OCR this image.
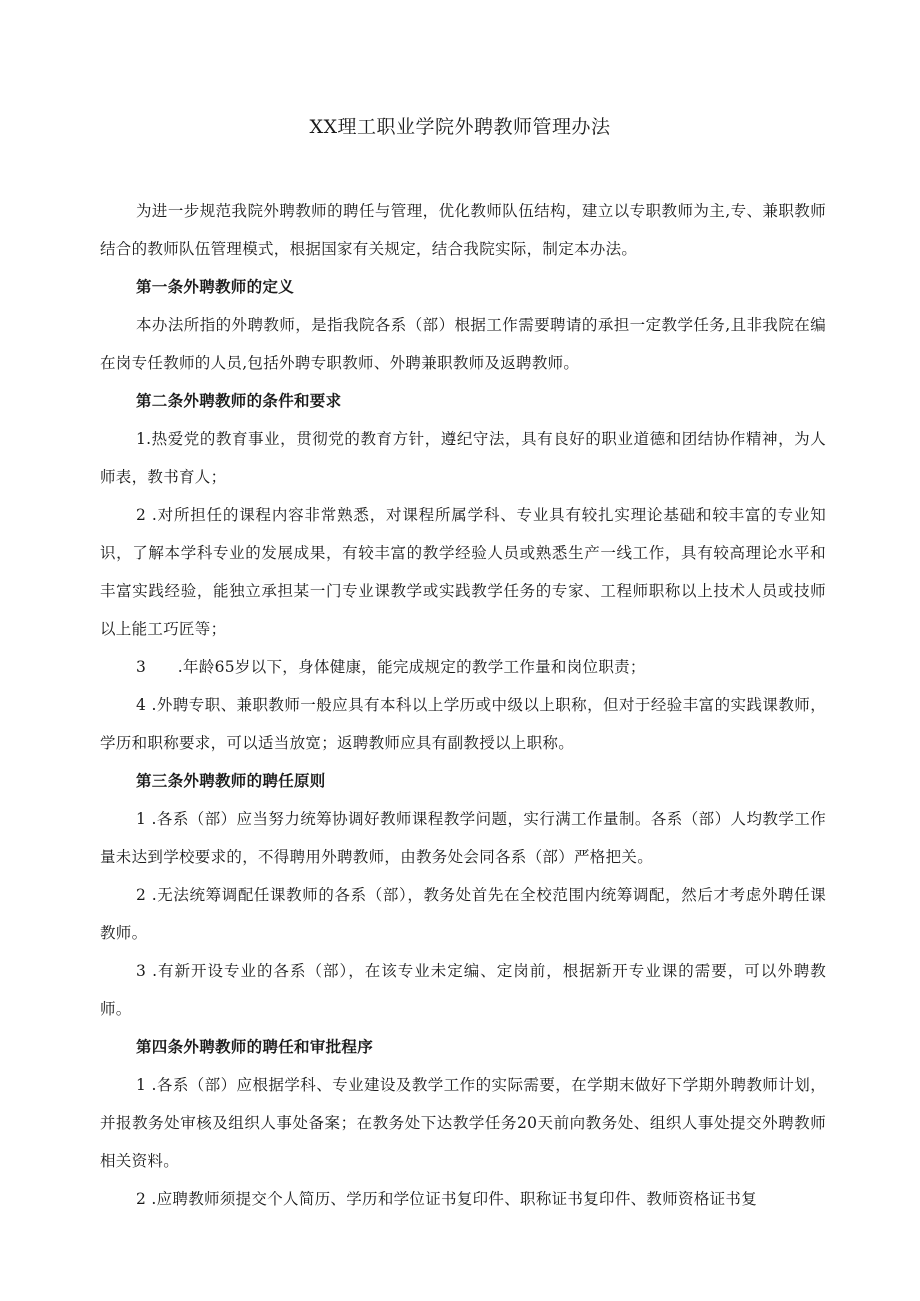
XX理工职业学院外聘教师管理办法

为进一步规范我院外聘教师的聘任与管理，优化教师队伍结构，建立以专职教师为主,专、兼职教师结合的教师队伍管理模式，根据国家有关规定，结合我院实际，制定本办法。

第一条外聘教师的定义

本办法所指的外聘教师，是指我院各系（部）根据工作需要聘请的承担一定教学任务,且非我院在编在岗专任教师的人员,包括外聘专职教师、外聘兼职教师及返聘教师。

第二条外聘教师的条件和要求

1.热爱党的教育事业，贯彻党的教育方针，遵纪守法，具有良好的职业道德和团结协作精神，为人师表，教书育人；

2 .对所担任的课程内容非常熟悉，对课程所属学科、专业具有较扎实理论基础和较丰富的专业知识，了解本学科专业的发展成果，有较丰富的教学经验人员或熟悉生产一线工作，具有较高理论水平和丰富实践经验，能独立承担某一门专业课教学或实践教学任务的专家、工程师职称以上技术人员或技师以上能工巧匠等；

3　　.年龄65岁以下，身体健康，能完成规定的教学工作量和岗位职责；

4 .外聘专职、兼职教师一般应具有本科以上学历或中级以上职称，但对于经验丰富的实践课教师，学历和职称要求，可以适当放宽；返聘教师应具有副教授以上职称。

第三条外聘教师的聘任原则

1 .各系（部）应当努力统筹协调好教师课程教学问题，实行满工作量制。各系（部）人均教学工作量未达到学校要求的，不得聘用外聘教师，由教务处会同各系（部）严格把关。

2 .无法统筹调配任课教师的各系（部），教务处首先在全校范围内统筹调配，然后才考虑外聘任课教师。

3 .有新开设专业的各系（部），在该专业未定编、定岗前，根据新开专业课的需要，可以外聘教师。

第四条外聘教师的聘任和审批程序

1 .各系（部）应根据学科、专业建设及教学工作的实际需要，在学期末做好下学期外聘教师计划，并报教务处审核及组织人事处备案；在教务处下达教学任务20天前向教务处、组织人事处提交外聘教师相关资料。

2 .应聘教师须提交个人简历、学历和学位证书复印件、职称证书复印件、教师资格证书复
